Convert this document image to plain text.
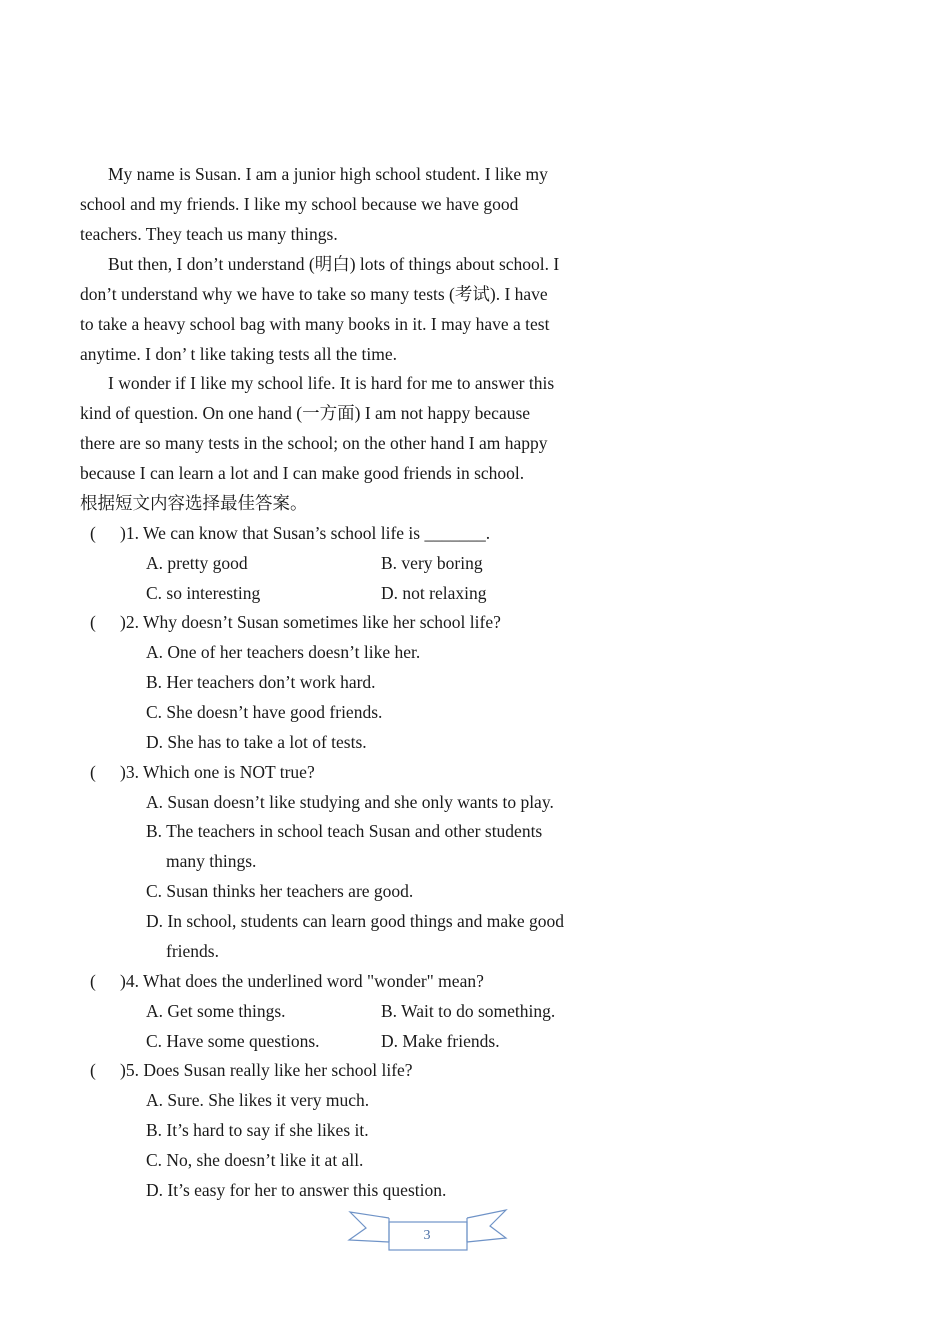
My name is Susan. I am a junior high school student. I like my
school and my friends. I like my school because we have good
teachers. They teach us many things.
But then, I don’t understand (明白) lots of things about school. I
don’t understand why we have to take so many tests (考试). I have
to take a heavy school bag with many books in it. I may have a test
anytime. I don’ t like taking tests all the time.
I wonder if I like my school life. It is hard for me to answer this
kind of question. On one hand (一方面) I am not happy because
there are so many tests in the school; on the other hand I am happy
because I can learn a lot and I can make good friends in school.
根据短文内容选择最佳答案。
( )1. We can know that Susan’s school life is _______.
A. pretty good	B. very boring
C. so interesting	D. not relaxing
( )2. Why doesn’t Susan sometimes like her school life?
A. One of her teachers doesn’t like her.
B. Her teachers don’t work hard.
C. She doesn’t have good friends.
D. She has to take a lot of tests.
( )3. Which one is NOT true?
A. Susan doesn’t like studying and she only wants to play.
B. The teachers in school teach Susan and other students
many things.
C. Susan thinks her teachers are good.
D. In school, students can learn good things and make good
friends.
( )4. What does the underlined word "wonder" mean?
A. Get some things.	B. Wait to do something.
C. Have some questions.	D. Make friends.
( )5. Does Susan really like her school life?
A. Sure. She likes it very much.
B. It’s hard to say if she likes it.
C. No, she doesn’t like it at all.
D. It’s easy for her to answer this question.
3
